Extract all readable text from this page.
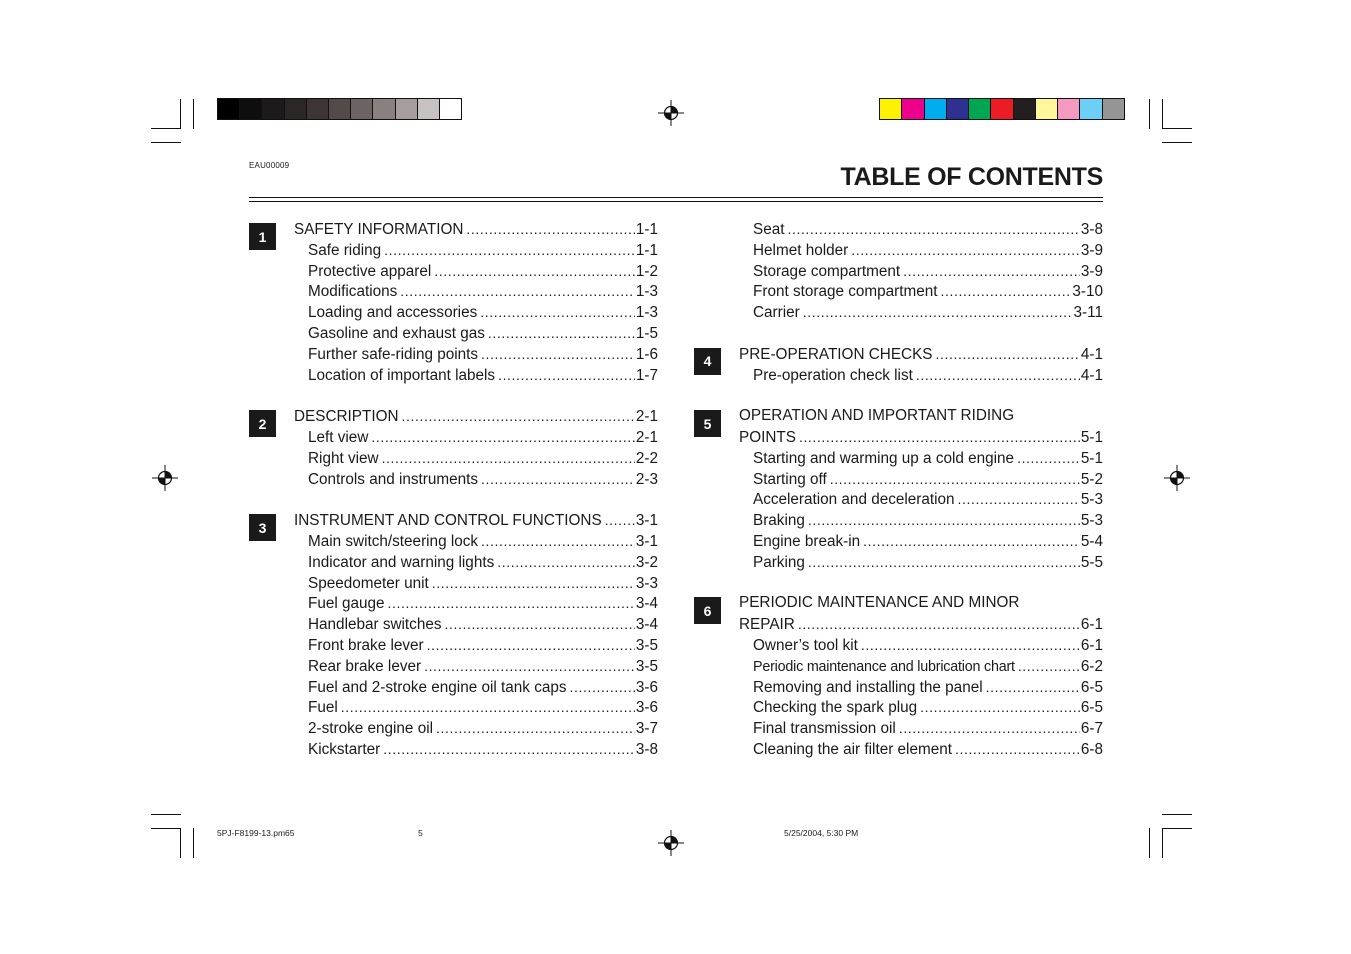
EAU00009	TABLE OF CONTENTS
1	SAFETY INFORMATION .....	1-1
Safe riding .....	1-1
Protective apparel .....	1-2
Modifications .....	1-3
Loading and accessories .....	1-3
Gasoline and exhaust gas .....	1-5
Further safe-riding points .....	1-6
Location of important labels .....	1-7
2	DESCRIPTION .....	2-1
Left view .....	2-1
Right view .....	2-2
Controls and instruments .....	2-3
3	INSTRUMENT AND CONTROL FUNCTIONS ..... 3-1
Main switch/steering lock .....	3-1
Indicator and warning lights .....	3-2
Speedometer unit .....	3-3
Fuel gauge .....	3-4
Handlebar switches .....	3-4
Front brake lever .....	3-5
Rear brake lever .....	3-5
Fuel and 2-stroke engine oil tank caps .....	3-6
Fuel .....	3-6
2-stroke engine oil .....	3-7
Kickstarter .....	3-8
Seat .....	3-8
Helmet holder .....	3-9
Storage compartment .....	3-9
Front storage compartment .....	3-10
Carrier .....	3-11
4	PRE-OPERATION CHECKS .....	4-1
Pre-operation check list .....	4-1
5	OPERATION AND IMPORTANT RIDING
POINTS .....	5-1
Starting and warming up a cold engine .....	5-1
Starting off .....	5-2
Acceleration and deceleration .....	5-3
Braking .....	5-3
Engine break-in .....	5-4
Parking .....	5-5
6	PERIODIC MAINTENANCE AND MINOR
REPAIR .....	6-1
Owner’s tool kit .....	6-1
Periodic maintenance and lubrication chart .....	6-2
Removing and installing the panel .....	6-5
Checking the spark plug .....	6-5
Final transmission oil .....	6-7
Cleaning the air filter element .....	6-8
5PJ-F8199-13.pm65	5	5/25/2004, 5:30 PM
